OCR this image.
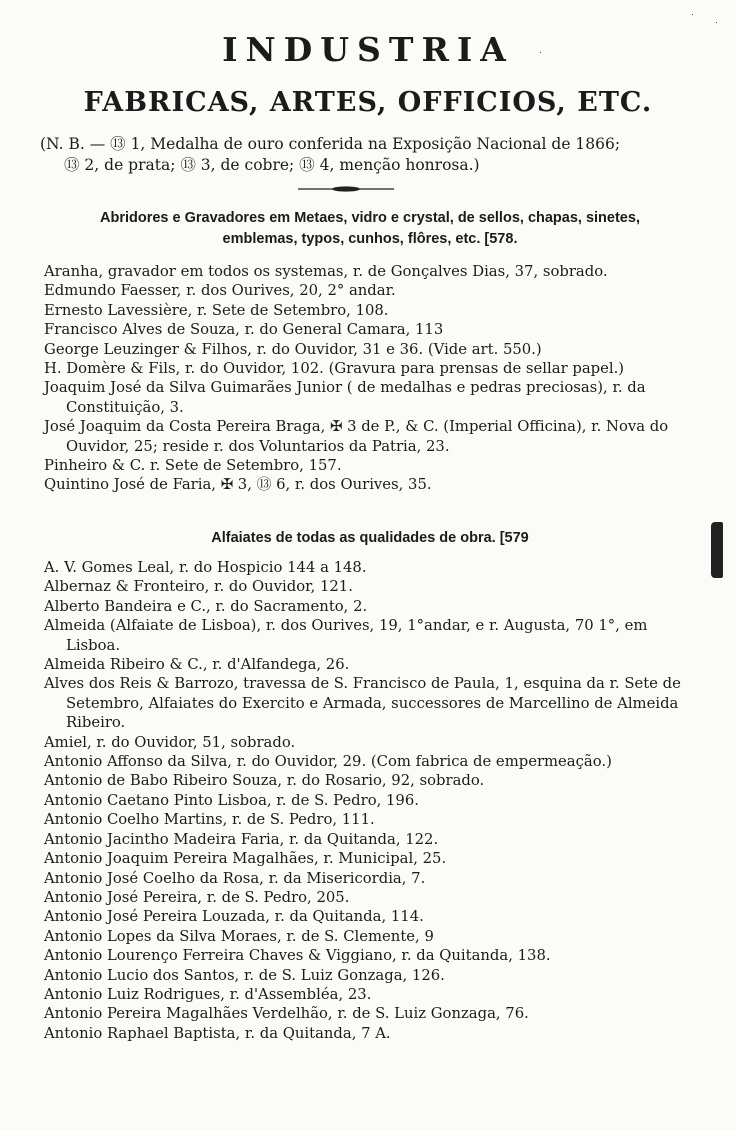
INDUSTRIA
FABRICAS, ARTES, OFFICIOS, ETC.
(N. B. — ⑬ 1, Medalha de ouro conferida na Exposição Nacional de 1866;
⑬ 2, de prata; ⑬ 3, de cobre; ⑬ 4, menção honrosa.)
Abridores e Gravadores em Metaes, vidro e crystal, de sellos, chapas, sinetes,
emblemas, typos, cunhos, flôres, etc. [578.
Aranha, gravador em todos os systemas, r. de Gonçalves Dias, 37, sobrado.
Edmundo Faesser, r. dos Ourives, 20, 2° andar.
Ernesto Lavessière, r. Sete de Setembro, 108.
Francisco Alves de Souza, r. do General Camara, 113
George Leuzinger & Filhos, r. do Ouvidor, 31 e 36. (Vide art. 550.)
H. Domère & Fils, r. do Ouvidor, 102. (Gravura para prensas de sellar papel.)
Joaquim José da Silva Guimarães Junior ( de medalhas e pedras preciosas), r. da Constituição, 3.
José Joaquim da Costa Pereira Braga, ✠ 3 de P., & C. (Imperial Officina), r. Nova do Ouvidor, 25; reside r. dos Voluntarios da Patria, 23.
Pinheiro & C. r. Sete de Setembro, 157.
Quintino José de Faria, ✠ 3, ⑬ 6, r. dos Ourives, 35.
Alfaiates de todas as qualidades de obra. [579
A. V. Gomes Leal, r. do Hospicio 144 a 148.
Albernaz & Fronteiro, r. do Ouvidor, 121.
Alberto Bandeira e C., r. do Sacramento, 2.
Almeida (Alfaiate de Lisboa), r. dos Ourives, 19, 1°andar, e r. Augusta, 70 1°, em Lisboa.
Almeida Ribeiro & C., r. d'Alfandega, 26.
Alves dos Reis & Barrozo, travessa de S. Francisco de Paula, 1, esquina da r. Sete de Setembro, Alfaiates do Exercito e Armada, successores de Marcellino de Almeida Ribeiro.
Amiel, r. do Ouvidor, 51, sobrado.
Antonio Affonso da Silva, r. do Ouvidor, 29. (Com fabrica de empermeação.)
Antonio de Babo Ribeiro Souza, r. do Rosario, 92, sobrado.
Antonio Caetano Pinto Lisboa, r. de S. Pedro, 196.
Antonio Coelho Martins, r. de S. Pedro, 111.
Antonio Jacintho Madeira Faria, r. da Quitanda, 122.
Antonio Joaquim Pereira Magalhães, r. Municipal, 25.
Antonio José Coelho da Rosa, r. da Misericordia, 7.
Antonio José Pereira, r. de S. Pedro, 205.
Antonio José Pereira Louzada, r. da Quitanda, 114.
Antonio Lopes da Silva Moraes, r. de S. Clemente, 9
Antonio Lourenço Ferreira Chaves & Viggiano, r. da Quitanda, 138.
Antonio Lucio dos Santos, r. de S. Luiz Gonzaga, 126.
Antonio Luiz Rodrigues, r. d'Assembléa, 23.
Antonio Pereira Magalhães Verdelhão, r. de S. Luiz Gonzaga, 76.
Antonio Raphael Baptista, r. da Quitanda, 7 A.
